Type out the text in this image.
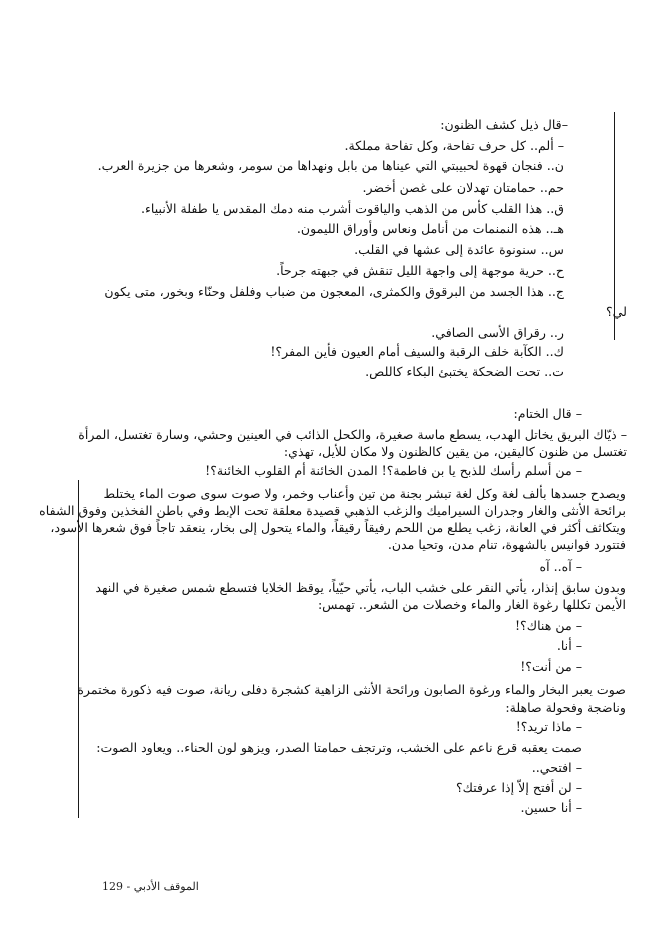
–قال ذيل كشف الظنون:
– ألم.. كل حرف تفاحة، وكل تفاحة مملكة.
ن.. فنجان قهوة لحبيبتي التي عيناها من بابل ونهداها من سومر، وشعرها من جزيرة العرب.
حم.. حمامتان تهدلان على غصن أخضر.
ق.. هذا القلب كأس من الذهب والياقوت أشرب منه دمك المقدس يا طفلة الأنبياء.
هـ.. هذه النمنمات من أنامل ونعاس وأوراق الليمون.
س.. سنونوة عائدة إلى عشها في القلب.
ح.. حرية موجهة إلى واجهة الليل تنقش في جبهته جرحاً.
ج.. هذا الجسد من البرقوق والكمثرى، المعجون من ضباب وفلفل وحنّاء وبخور، متى يكون
لي؟
ر.. رقراق الأسى الصافي.
ك.. الكآبة خلف الرقبة والسيف أمام العيون فأين المفر؟!
ت.. تحت الضحكة يختبئ البكاء كاللص.
– قال الختام:
– ذيّاك البريق يخاتل الهدب، يسطع ماسة صغيرة، والكحل الذائب في العينين وحشي، وسارة تغتسل، المرأة
تغتسل من ظنون كاليقين، من يقين كالظنون ولا مكان للأيل، تهذي:
– من أسلم رأسك للذبح يا بن فاطمة؟! المدن الخائنة أم القلوب الخائنة؟!
ويصدح جسدها بألف لغة وكل لغة تبشر بجنة من تين وأعناب وخمر، ولا صوت سوى صوت الماء يختلط
برائحة الأنثى والغار وجدران السيراميك والزغب الذهبي قصيدة معلقة تحت الإبط وفي باطن الفخذين وفوق الشفاه
ويتكاثف أكثر في العانة، زغب يطلع من اللحم رفيقاً رقيقاً، والماء يتحول إلى بخار، ينعقد تاجاً فوق شعرها الأسود،
فتتورد فوانيس بالشهوة، تنام مدن، وتحيا مدن.
– آه.. آه
وبدون سابق إنذار، يأتي النقر على خشب الباب، يأتي حيّياً، يوقظ الخلايا فتسطع شمس صغيرة في النهد
الأيمن تكللها رغوة الغار والماء وخصلات من الشعر.. تهمس:
– من هناك؟!
– أنا.
– من أنت؟!
صوت يعبر البخار والماء ورغوة الصابون ورائحة الأنثى الزاهية كشجرة دفلى ريانة، صوت فيه ذكورة مختمرة
وناضجة وفحولة صاهلة:
– ماذا تريد؟!
صمت يعقبه قرع ناعم على الخشب، وترتجف حمامتا الصدر، ويزهو لون الحناء.. ويعاود الصوت:
– افتحي..
– لن أفتح إلاّ إذا عرفتك؟
– أنا حسين.
الموقف الأدبي - 129
